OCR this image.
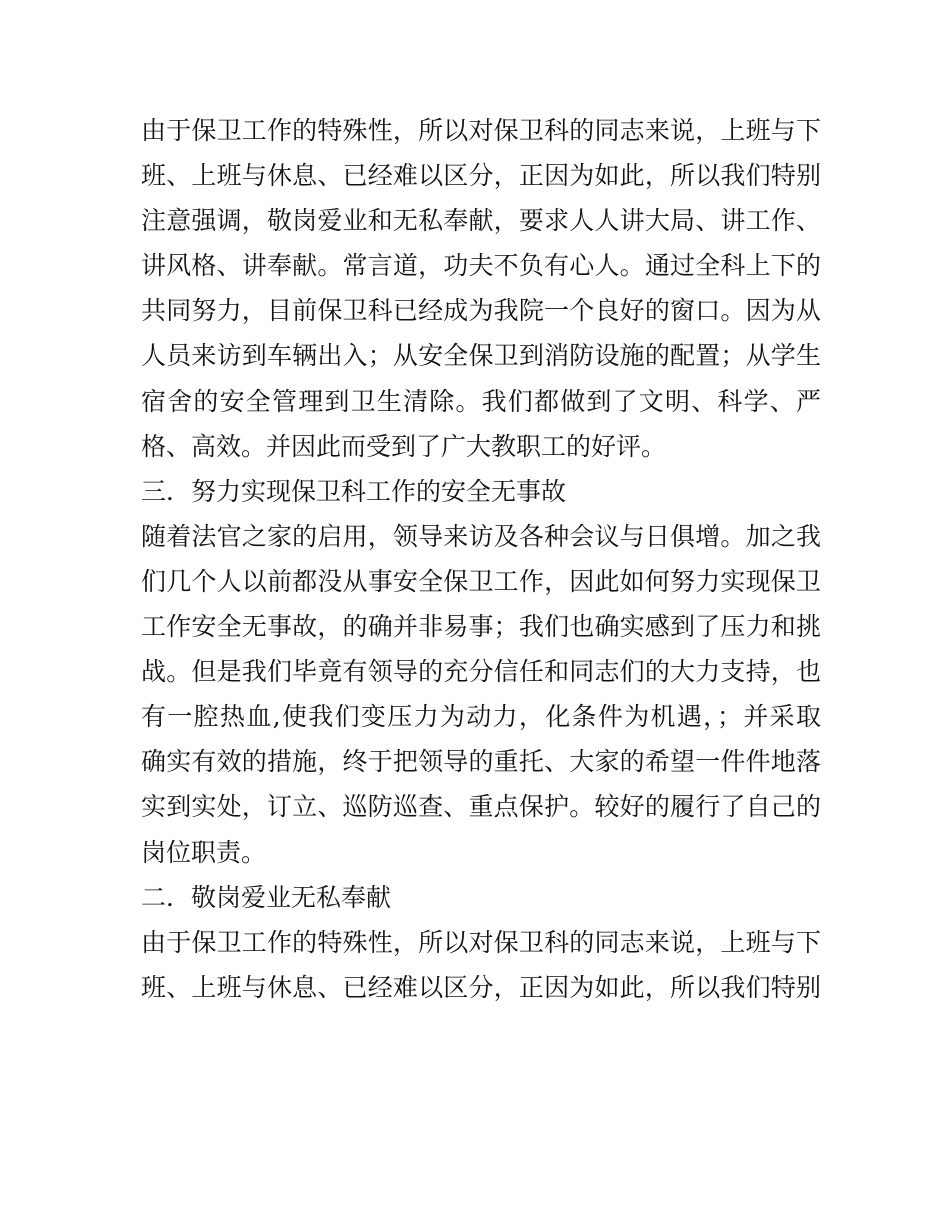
由于保卫工作的特殊性，所以对保卫科的同志来说，上班与下
班、上班与休息、已经难以区分，正因为如此，所以我们特别
注意强调，敬岗爱业和无私奉献，要求人人讲大局、讲工作、
讲风格、讲奉献。常言道，功夫不负有心人。通过全科上下的
共同努力，目前保卫科已经成为我院一个良好的窗口。因为从
人员来访到车辆出入；从安全保卫到消防设施的配置；从学生
宿舍的安全管理到卫生清除。我们都做到了文明、科学、严
格、高效。并因此而受到了广大教职工的好评。
三．努力实现保卫科工作的安全无事故
随着法官之家的启用，领导来访及各种会议与日俱增。加之我
们几个人以前都没从事安全保卫工作，因此如何努力实现保卫
工作安全无事故，的确并非易事；我们也确实感到了压力和挑
战。但是我们毕竟有领导的充分信任和同志们的大力支持，也
有一腔热血,使我们变压力为动力，化条件为机遇，；并采取
确实有效的措施，终于把领导的重托、大家的希望一件件地落
实到实处，订立、巡防巡查、重点保护。较好的履行了自己的
岗位职责。
二．敬岗爱业无私奉献
由于保卫工作的特殊性，所以对保卫科的同志来说，上班与下
班、上班与休息、已经难以区分，正因为如此，所以我们特别
